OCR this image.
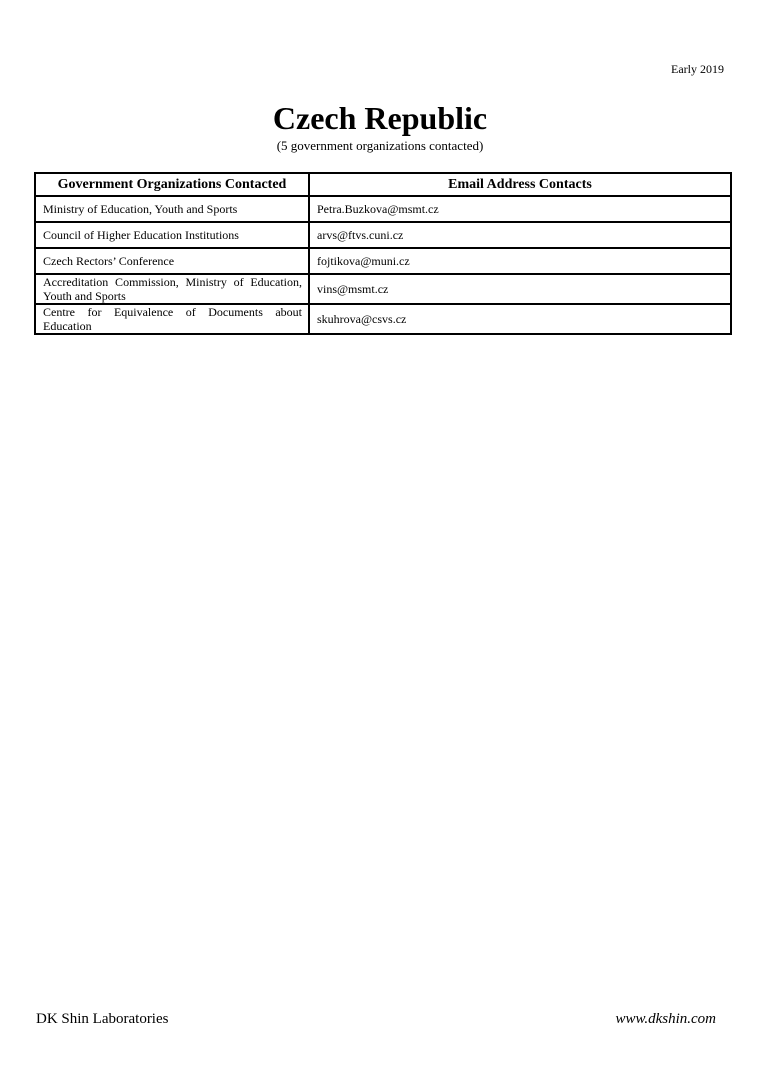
Early 2019
Czech Republic
(5 government organizations contacted)
Government Organizations Contacted	Email Address Contacts
Ministry of Education, Youth and Sports	Petra.Buzkova@msmt.cz
Council of Higher Education Institutions	arvs@ftvs.cuni.cz
Czech Rectors’ Conference	fojtikova@muni.cz
Accreditation Commission, Ministry of Education, Youth and Sports	vins@msmt.cz
Centre for Equivalence of Documents about Education	skuhrova@csvs.cz
DK Shin Laboratories	www.dkshin.com
